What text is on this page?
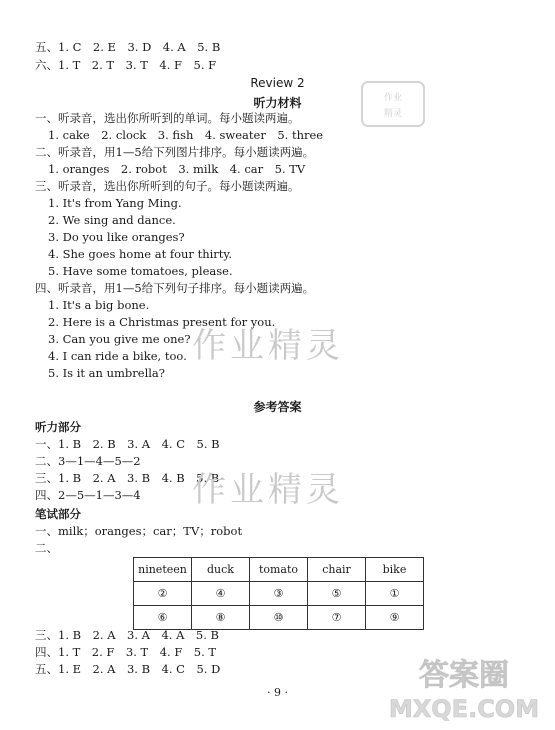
五、1. C　2. E　3. D　4. A　5. B
六、1. T　2. T　3. T　4. F　5. F
作业
精灵
Review 2
听力材料
一、听录音，选出你所听到的单词。每小题读两遍。
1. cake　2. clock　3. fish　4. sweater　5. three
二、听录音，用1—5给下列图片排序。每小题读两遍。
1. oranges　2. robot　3. milk　4. car　5. TV
三、听录音，选出你所听到的句子。每小题读两遍。
1. It's from Yang Ming.
2. We sing and dance.
3. Do you like oranges?
4. She goes home at four thirty.
5. Have some tomatoes, please.
四、听录音，用1—5给下列句子排序。每小题读两遍。
1. It's a big bone.
2. Here is a Christmas present for you.
3. Can you give me one?
4. I can ride a bike, too.
5. Is it an umbrella?
作业精灵
参考答案
听力部分
一、1. B　2. B　3. A　4. C　5. B
二、3—1—4—5—2
三、1. B　2. A　3. B　4. B　5. B
四、2—5—1—3—4 作业精灵
笔试部分
一、milk；oranges；car；TV；robot
二、
nineteen	duck	tomato	chair	bike
②	④	③	⑤	①
⑥	⑧	⑩	⑦	⑨
三、1. B　2. A　3. A　4. A　5. B
四、1. T　2. F　3. T　4. F　5. T
五、1. E　2. A　3. B　4. C　5. D
· 9 ·	答案圈
MXQE.COM
